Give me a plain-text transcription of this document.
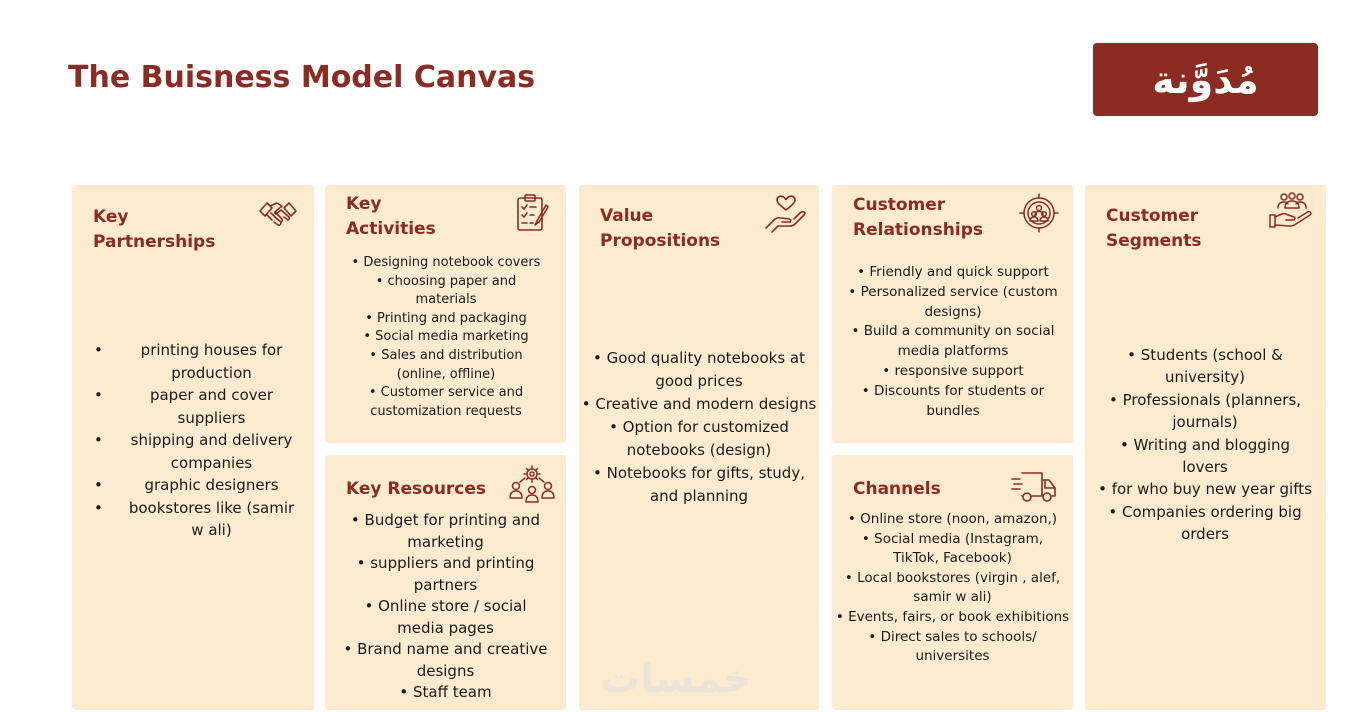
The Buisness Model Canvas	مُدَوَّنة
Key
Partnerships
• printing houses for production
• paper and cover suppliers
• shipping and delivery companies
• graphic designers
• bookstores like (samir w ali)
Key
Activities
• Designing notebook covers
• choosing paper and materials
• Printing and packaging
• Social media marketing
• Sales and distribution (online, offline)
• Customer service and customization requests
Key Resources
• Budget for printing and marketing
• suppliers and printing partners
• Online store / social media pages
• Brand name and creative designs
• Staff team
Value
Propositions
• Good quality notebooks at good prices
• Creative and modern designs
• Option for customized notebooks (design)
• Notebooks for gifts, study, and planning
خمسات
Customer
Relationships
• Friendly and quick support
• Personalized service (custom designs)
• Build a community on social media platforms
• responsive support
• Discounts for students or bundles
Channels
• Online store (noon, amazon,)
• Social media (Instagram, TikTok, Facebook)
• Local bookstores (virgin , alef, samir w ali)
• Events, fairs, or book exhibitions
• Direct sales to schools/ universites
Customer
Segments
• Students (school & university)
• Professionals (planners, journals)
• Writing and blogging lovers
• for who buy new year gifts
• Companies ordering big orders
